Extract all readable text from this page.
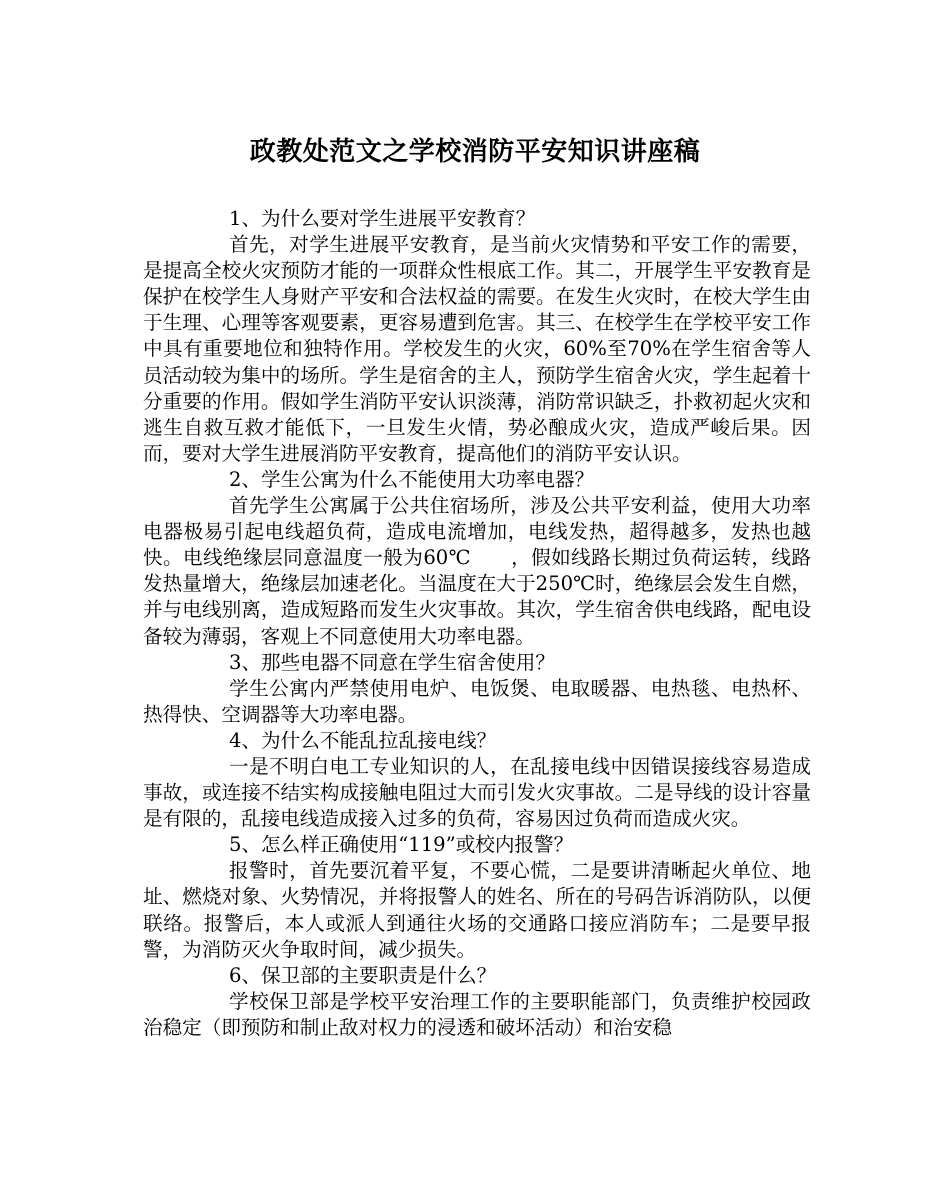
政教处范文之学校消防平安知识讲座稿

1、为什么要对学生进展平安教育？

首先，对学生进展平安教育，是当前火灾情势和平安工作的需要，是提高全校火灾预防才能的一项群众性根底工作。其二，开展学生平安教育是保护在校学生人身财产平安和合法权益的需要。在发生火灾时，在校大学生由于生理、心理等客观要素，更容易遭到危害。其三、在校学生在学校平安工作中具有重要地位和独特作用。学校发生的火灾，60%至70%在学生宿舍等人员活动较为集中的场所。学生是宿舍的主人，预防学生宿舍火灾，学生起着十分重要的作用。假如学生消防平安认识淡薄，消防常识缺乏，扑救初起火灾和逃生自救互救才能低下，一旦发生火情，势必酿成火灾，造成严峻后果。因而，要对大学生进展消防平安教育，提高他们的消防平安认识。

2、学生公寓为什么不能使用大功率电器？

首先学生公寓属于公共住宿场所，涉及公共平安利益，使用大功率电器极易引起电线超负荷，造成电流增加，电线发热，超得越多，发热也越快。电线绝缘层同意温度一般为60℃　　，假如线路长期过负荷运转，线路发热量增大，绝缘层加速老化。当温度在大于250℃时，绝缘层会发生自燃，并与电线别离，造成短路而发生火灾事故。其次，学生宿舍供电线路，配电设备较为薄弱，客观上不同意使用大功率电器。

3、那些电器不同意在学生宿舍使用？

学生公寓内严禁使用电炉、电饭煲、电取暖器、电热毯、电热杯、热得快、空调器等大功率电器。

4、为什么不能乱拉乱接电线？

一是不明白电工专业知识的人，在乱接电线中因错误接线容易造成事故，或连接不结实构成接触电阻过大而引发火灾事故。二是导线的设计容量是有限的，乱接电线造成接入过多的负荷，容易因过负荷而造成火灾。

5、怎么样正确使用“119”或校内报警？

报警时，首先要沉着平复，不要心慌，二是要讲清晰起火单位、地址、燃烧对象、火势情况，并将报警人的姓名、所在的号码告诉消防队，以便联络。报警后，本人或派人到通往火场的交通路口接应消防车；二是要早报警，为消防灭火争取时间，减少损失。

6、保卫部的主要职责是什么？

学校保卫部是学校平安治理工作的主要职能部门，负责维护校园政治稳定（即预防和制止敌对权力的浸透和破坏活动）和治安稳
